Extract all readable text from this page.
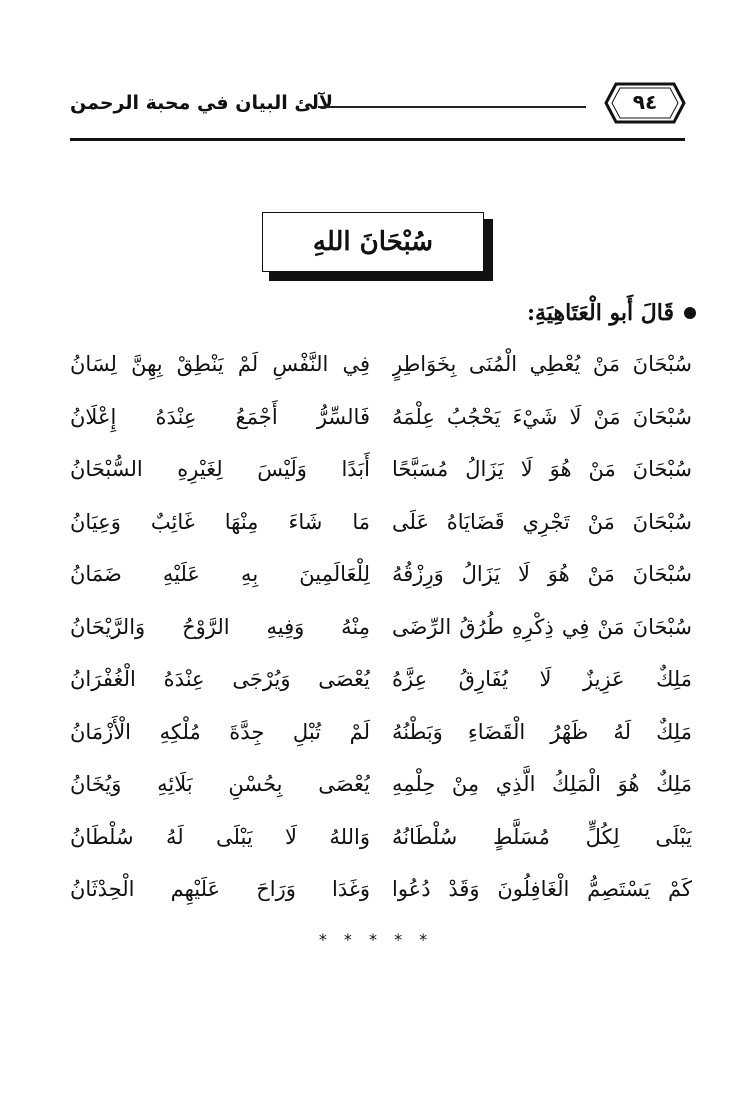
لآلئ البيان في محبة الرحمن	٩٤
سُبْحَانَ اللهِ
قَالَ أَبو الْعَتَاهِيَةِ:
سُبْحَانَ مَنْ يُعْطِي الْمُنَى بِخَوَاطِرٍ
فِي النَّفْسِ لَمْ يَنْطِقْ بِهِنَّ لِسَانُ
سُبْحَانَ مَنْ لَا شَيْءَ يَحْجُبُ عِلْمَهُ
فَالسِّرُّ أَجْمَعُ عِنْدَهُ إِعْلَانُ
سُبْحَانَ مَنْ هُوَ لَا يَزَالُ مُسَبَّحًا
أَبَدًا وَلَيْسَ لِغَيْرِهِ السُّبْحَانُ
سُبْحَانَ مَنْ تَجْرِي قَضَايَاهُ عَلَى
مَا شَاءَ مِنْهَا غَائِبٌ وَعِيَانُ
سُبْحَانَ مَنْ هُوَ لَا يَزَالُ وَرِزْقُهُ
لِلْعَالَمِينَ بِهِ عَلَيْهِ ضَمَانُ
سُبْحَانَ مَنْ فِي ذِكْرِهِ طُرُقُ الرِّضَى
مِنْهُ وَفِيهِ الرَّوْحُ وَالرَّيْحَانُ
مَلِكٌ عَزِيزٌ لَا يُفَارِقُ عِزَّهُ
يُعْصَى وَيُرْجَى عِنْدَهُ الْغُفْرَانُ
مَلِكٌ لَهُ ظَهْرُ الْقَضَاءِ وَبَطْنُهُ
لَمْ تُبْلِ جِدَّةَ مُلْكِهِ الْأَزْمَانُ
مَلِكٌ هُوَ الْمَلِكُ الَّذِي مِنْ حِلْمِهِ
يُعْصَى بِحُسْنِ بَلَائِهِ وَيُخَانُ
يَبْلَى لِكُلٍّ مُسَلَّطٍ سُلْطَانُهُ
وَاللهُ لَا يَبْلَى لَهُ سُلْطَانُ
كَمْ يَسْتَصِمُّ الْغَافِلُونَ وَقَدْ دُعُوا
وَغَدَا وَرَاحَ عَلَيْهِم الْحِدْثَانُ
* * * * *
